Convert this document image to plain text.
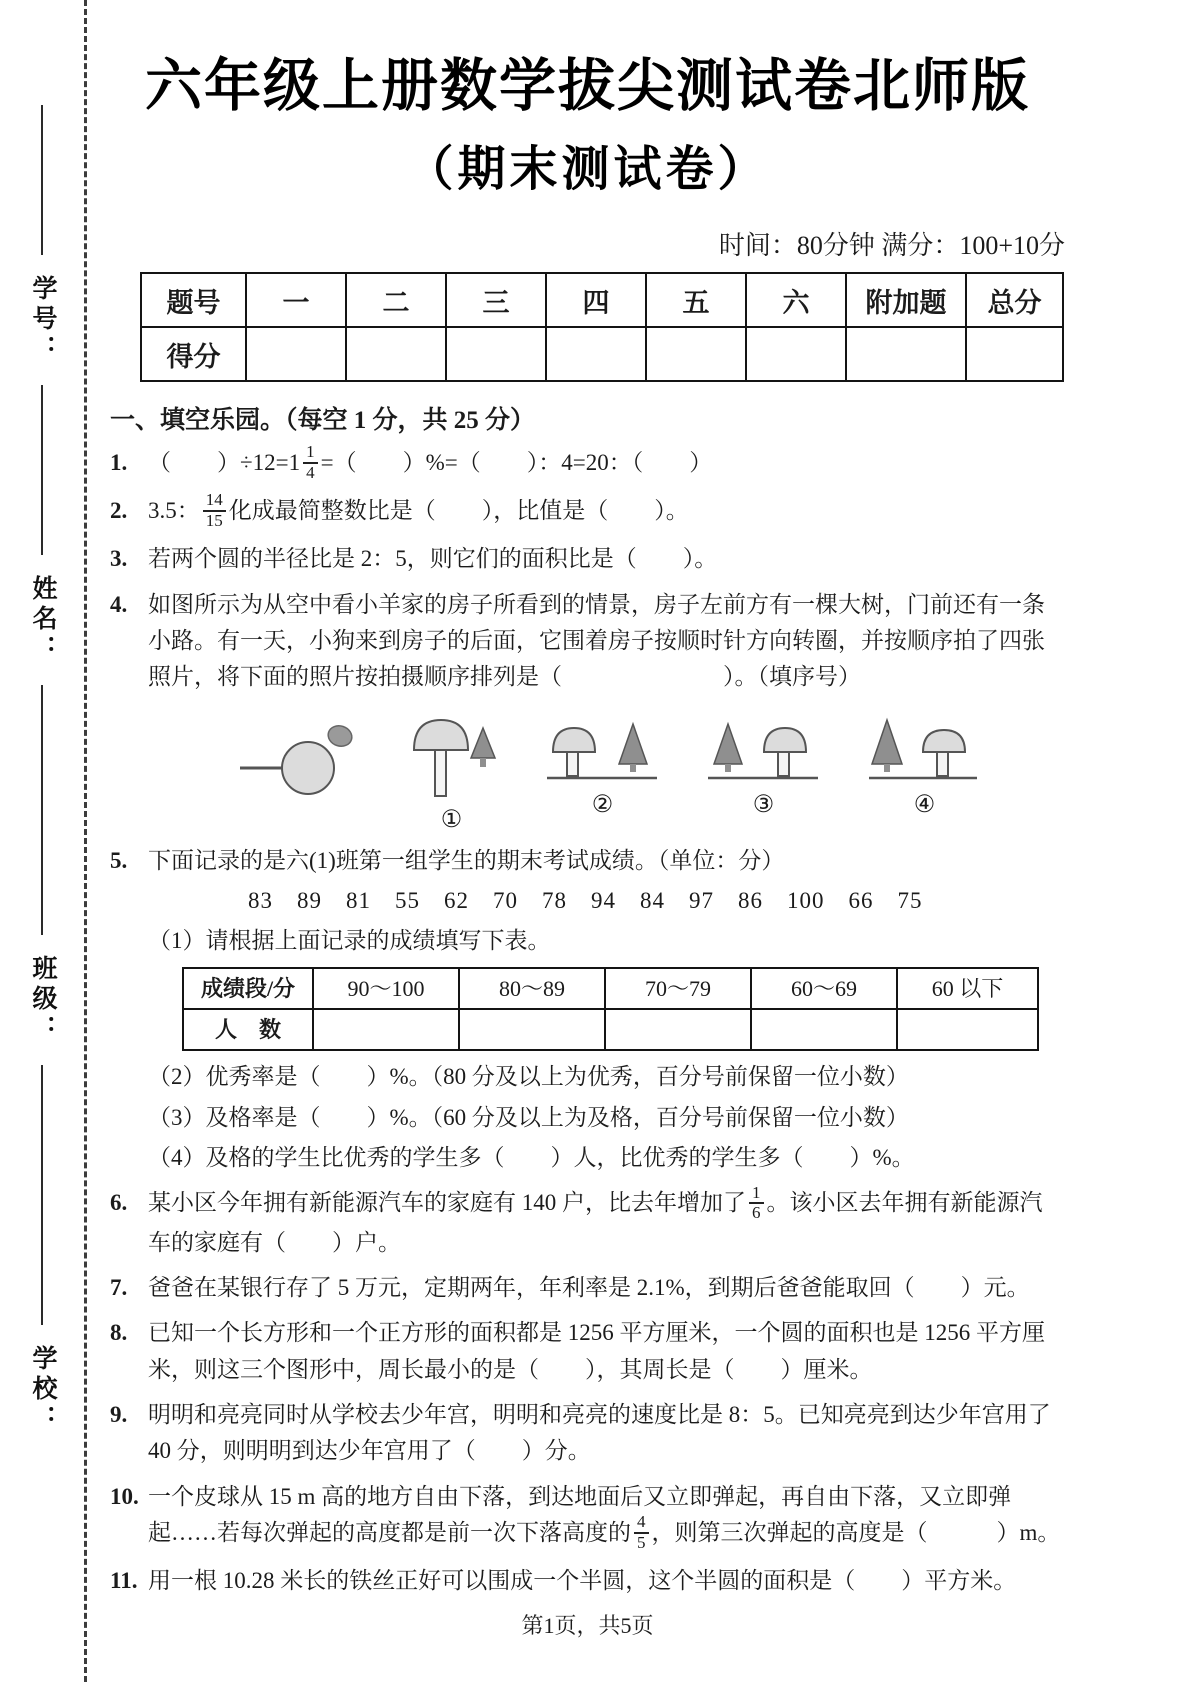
学号：
姓名：
班级：
学校：
六年级上册数学拔尖测试卷北师版
（期末测试卷）
时间：80分钟 满分：100+10分
题号	一	二	三	四	五	六	附加题	总分
得分								
一、填空乐园。（每空 1 分，共 25 分）
1. （　　）$\div 12=1 \frac{1}{4}$ =（　　）%=（　　）：4=20：（　　）
2. 3.5： $\frac{14}{15}$ 化成最简整数比是（　　），比值是（　　）。
3. 若两个圆的半径比是 2：5，则它们的面积比是（　　）。
4. 如图所示为从空中看小羊家的房子所看到的情景，房子左前方有一棵大树，门前还有一条小路。有一天，小狗来到房子的后面，它围着房子按顺时针方向转圈，并按顺序拍了四张照片，将下面的照片按拍摄顺序排列是（　　　　　　　）。（填序号）
①
②	③	④
5. 下面记录的是六(1)班第一组学生的期末考试成绩。（单位：分）
83　89　81　55　62　70　78　94　84　97　86　100　66　75
（1）请根据上面记录的成绩填写下表。
成绩段/分	90～100	80～89	70～79	60～69	60 以下
人　数					
（2）优秀率是（　　）%。（80 分及以上为优秀，百分号前保留一位小数）
（3）及格率是（　　）%。（60 分及以上为及格，百分号前保留一位小数）
（4）及格的学生比优秀的学生多（　　）人，比优秀的学生多（　　）%。
6. 某小区今年拥有新能源汽车的家庭有 140 户，比去年增加了 $\frac{1}{6}$ 。该小区去年拥有新能源汽车的家庭有（　　）户。
7. 爸爸在某银行存了 5 万元，定期两年，年利率是 2.1%，到期后爸爸能取回（　　）元。
8. 已知一个长方形和一个正方形的面积都是 1256 平方厘米，一个圆的面积也是 1256 平方厘米，则这三个图形中，周长最小的是（　　），其周长是（　　）厘米。
9. 明明和亮亮同时从学校去少年宫，明明和亮亮的速度比是 8：5。已知亮亮到达少年宫用了 40 分，则明明到达少年宫用了（　　）分。
10. 一个皮球从 15 m 高的地方自由下落，到达地面后又立即弹起，再自由下落，又立即弹起……若每次弹起的高度都是前一次下落高度的 $\frac{4}{5}$ ，则第三次弹起的高度是（　　　）m。
11. 用一根 10.28 米长的铁丝正好可以围成一个半圆，这个半圆的面积是（　　）平方米。
第1页，共5页
